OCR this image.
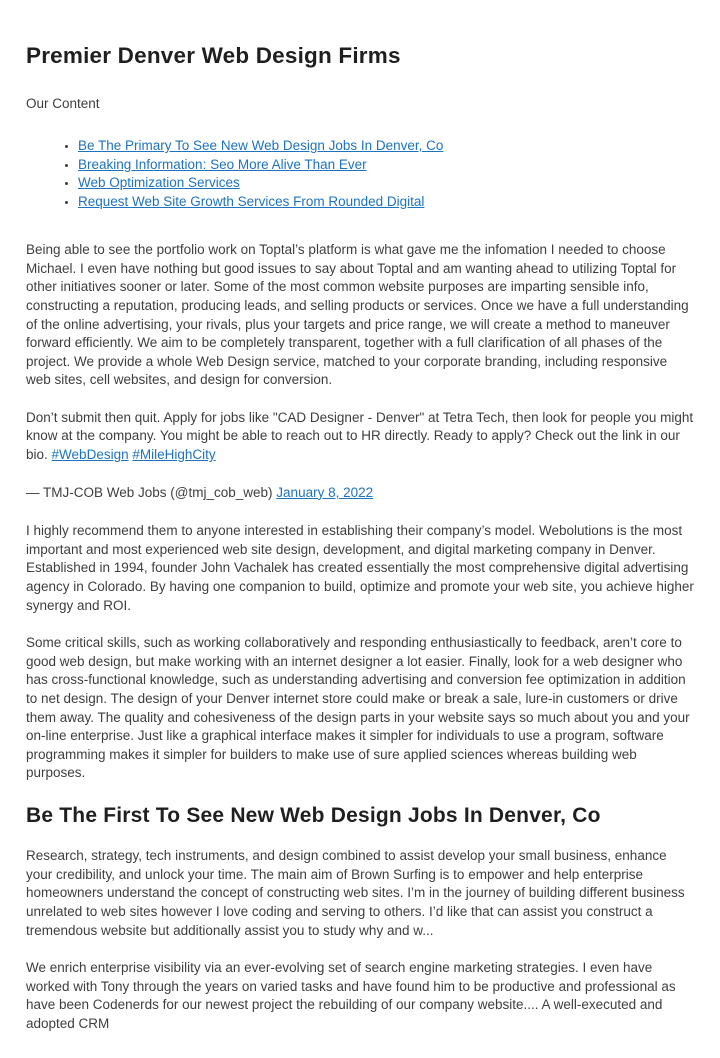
Premier Denver Web Design Firms

Our Content

• Be The Primary To See New Web Design Jobs In Denver, Co
• Breaking Information: Seo More Alive Than Ever
• Web Optimization Services
• Request Web Site Growth Services From Rounded Digital

Being able to see the portfolio work on Toptal’s platform is what gave me the infomation I needed to choose Michael. I even have nothing but good issues to say about Toptal and am wanting ahead to utilizing Toptal for other initiatives sooner or later. Some of the most common website purposes are imparting sensible info, constructing a reputation, producing leads, and selling products or services. Once we have a full understanding of the online advertising, your rivals, plus your targets and price range, we will create a method to maneuver forward efficiently. We aim to be completely transparent, together with a full clarification of all phases of the project. We provide a whole Web Design service, matched to your corporate branding, including responsive web sites, cell websites, and design for conversion.

Don’t submit then quit. Apply for jobs like "CAD Designer - Denver" at Tetra Tech, then look for people you might know at the company. You might be able to reach out to HR directly. Ready to apply? Check out the link in our bio. #WebDesign #MileHighCity

— TMJ-COB Web Jobs (@tmj_cob_web) January 8, 2022

I highly recommend them to anyone interested in establishing their company’s model. Webolutions is the most important and most experienced web site design, development, and digital marketing company in Denver. Established in 1994, founder John Vachalek has created essentially the most comprehensive digital advertising agency in Colorado. By having one companion to build, optimize and promote your web site, you achieve higher synergy and ROI.

Some critical skills, such as working collaboratively and responding enthusiastically to feedback, aren’t core to good web design, but make working with an internet designer a lot easier. Finally, look for a web designer who has cross-functional knowledge, such as understanding advertising and conversion fee optimization in addition to net design. The design of your Denver internet store could make or break a sale, lure-in customers or drive them away. The quality and cohesiveness of the design parts in your website says so much about you and your on-line enterprise. Just like a graphical interface makes it simpler for individuals to use a program, software programming makes it simpler for builders to make use of sure applied sciences whereas building web purposes.

Be The First To See New Web Design Jobs In Denver, Co

Research, strategy, tech instruments, and design combined to assist develop your small business, enhance your credibility, and unlock your time. The main aim of Brown Surfing is to empower and help enterprise homeowners understand the concept of constructing web sites. I’m in the journey of building different business unrelated to web sites however I love coding and serving to others. I’d like that can assist you construct a tremendous website but additionally assist you to study why and w...

We enrich enterprise visibility via an ever-evolving set of search engine marketing strategies. I even have worked with Tony through the years on varied tasks and have found him to be productive and professional as have been Codenerds for our newest project the rebuilding of our company website.... A well-executed and adopted CRM
